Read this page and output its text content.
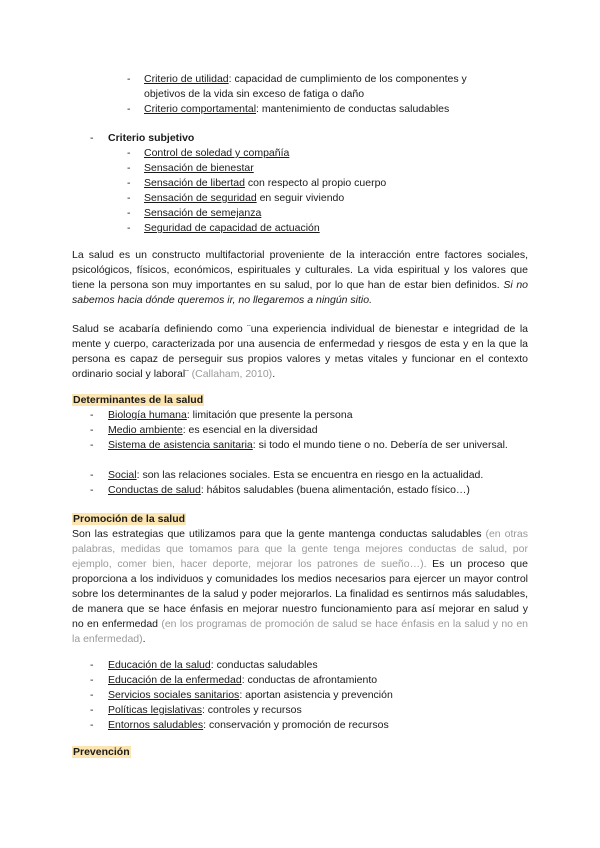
- Criterio de utilidad: capacidad de cumplimiento de los componentes y
objetivos de la vida sin exceso de fatiga o daño
- Criterio comportamental: mantenimiento de conductas saludables
- Criterio subjetivo
- Control de soledad y compañía
- Sensación de bienestar
- Sensación de libertad con respecto al propio cuerpo
- Sensación de seguridad en seguir viviendo
- Sensación de semejanza
- Seguridad de capacidad de actuación
La salud es un constructo multifactorial proveniente de la interacción entre factores sociales, psicológicos, físicos, económicos, espirituales y culturales. La vida espiritual y los valores que tiene la persona son muy importantes en su salud, por lo que han de estar bien definidos. Si no sabemos hacia dónde queremos ir, no llegaremos a ningún sitio.
Salud se acabaría definiendo como ¨una experiencia individual de bienestar e integridad de la mente y cuerpo, caracterizada por una ausencia de enfermedad y riesgos de esta y en la que la persona es capaz de perseguir sus propios valores y metas vitales y funcionar en el contexto ordinario social y laboral¨ (Callaham, 2010).
Determinantes de la salud
- Biología humana: limitación que presente la persona
- Medio ambiente: es esencial en la diversidad
- Sistema de asistencia sanitaria: si todo el mundo tiene o no. Debería de ser universal.
- Social: son las relaciones sociales. Esta se encuentra en riesgo en la actualidad.
- Conductas de salud: hábitos saludables (buena alimentación, estado físico…)
Promoción de la salud
Son las estrategias que utilizamos para que la gente mantenga conductas saludables (en otras palabras, medidas que tomamos para que la gente tenga mejores conductas de salud, por ejemplo, comer bien, hacer deporte, mejorar los patrones de sueño…). Es un proceso que proporciona a los individuos y comunidades los medios necesarios para ejercer un mayor control sobre los determinantes de la salud y poder mejorarlos. La finalidad es sentirnos más saludables, de manera que se hace énfasis en mejorar nuestro funcionamiento para así mejorar en salud y no en enfermedad (en los programas de promoción de salud se hace énfasis en la salud y no en la enfermedad).
- Educación de la salud: conductas saludables
- Educación de la enfermedad: conductas de afrontamiento
- Servicios sociales sanitarios: aportan asistencia y prevención
- Políticas legislativas: controles y recursos
- Entornos saludables: conservación y promoción de recursos
Prevención
